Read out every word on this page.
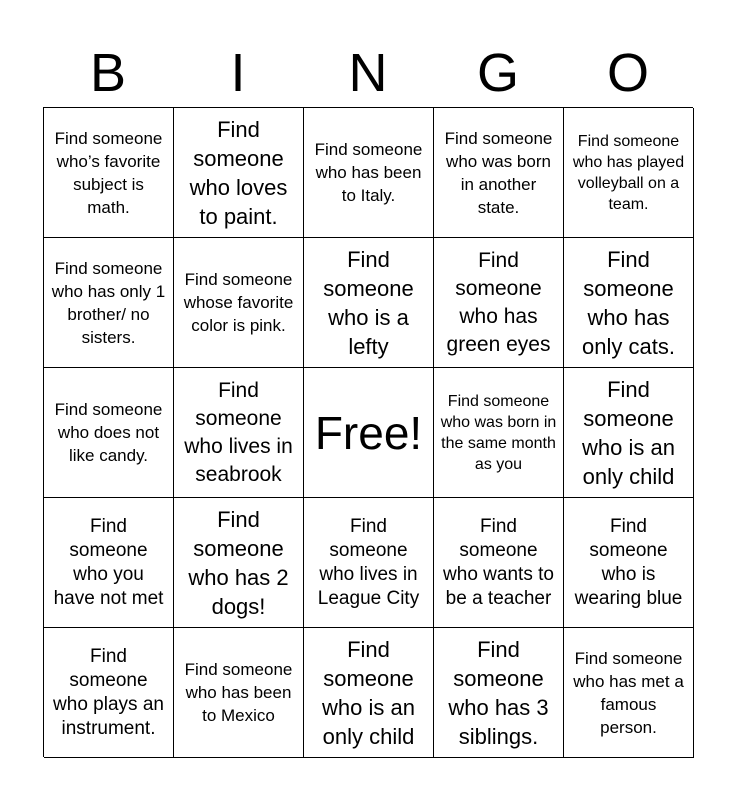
B	I	N	G	O
Find someone who’s favorite subject is math.
Find someone who loves to paint.
Find someone who has been to Italy.
Find someone who was born in another state.
Find someone who has played volleyball on a team.
Find someone who has only 1 brother/ no sisters.
Find someone whose favorite color is pink.
Find someone who is a lefty
Find someone who has green eyes
Find someone who has only cats.
Find someone who does not like candy.
Find someone who lives in seabrook
Free!
Find someone who was born in the same month as you
Find someone who is an only child
Find someone who you have not met
Find someone who has 2 dogs!
Find someone who lives in League City
Find someone who wants to be a teacher
Find someone who is wearing blue
Find someone who plays an instrument.
Find someone who has been to Mexico
Find someone who is an only child
Find someone who has 3 siblings.
Find someone who has met a famous person.
